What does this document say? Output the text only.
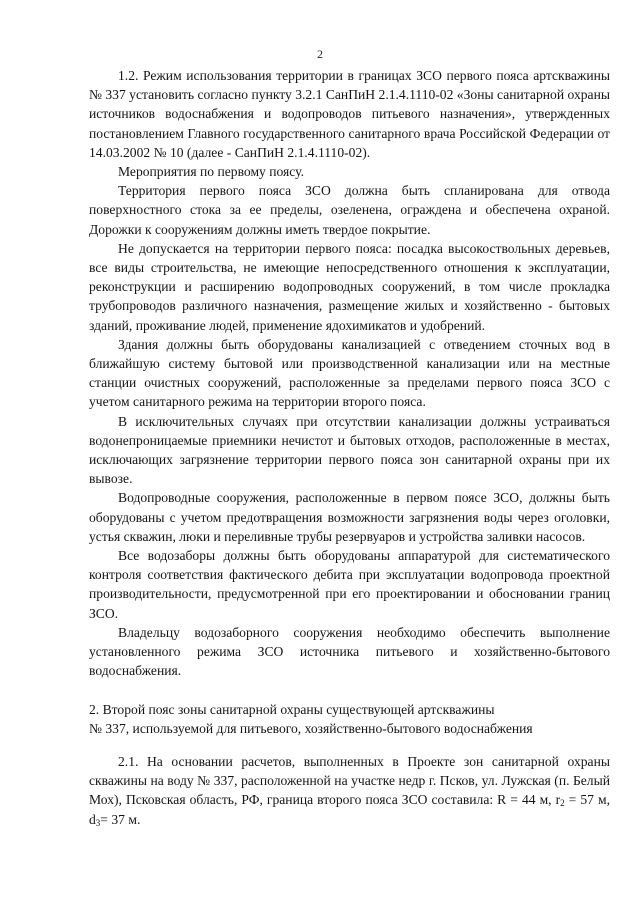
2

1.2. Режим использования территории в границах ЗСО первого пояса артскважины № 337 установить согласно пункту 3.2.1 СанПиН 2.1.4.1110-02 «Зоны санитарной охраны источников водоснабжения и водопроводов питьевого назначения», утвержденных постановлением Главного государственного санитарного врача Российской Федерации от 14.03.2002 № 10 (далее - СанПиН 2.1.4.1110-02).

Мероприятия по первому поясу.

Территория первого пояса ЗСО должна быть спланирована для отвода поверхностного стока за ее пределы, озеленена, ограждена и обеспечена охраной. Дорожки к сооружениям должны иметь твердое покрытие.

Не допускается на территории первого пояса: посадка высокоствольных деревьев, все виды строительства, не имеющие непосредственного отношения к эксплуатации, реконструкции и расширению водопроводных сооружений, в том числе прокладка трубопроводов различного назначения, размещение жилых и хозяйственно - бытовых зданий, проживание людей, применение ядохимикатов и удобрений.

Здания должны быть оборудованы канализацией с отведением сточных вод в ближайшую систему бытовой или производственной канализации или на местные станции очистных сооружений, расположенные за пределами первого пояса ЗСО с учетом санитарного режима на территории второго пояса.

В исключительных случаях при отсутствии канализации должны устраиваться водонепроницаемые приемники нечистот и бытовых отходов, расположенные в местах, исключающих загрязнение территории первого пояса зон санитарной охраны при их вывозе.

Водопроводные сооружения, расположенные в первом поясе ЗСО, должны быть оборудованы с учетом предотвращения возможности загрязнения воды через оголовки, устья скважин, люки и переливные трубы резервуаров и устройства заливки насосов.

Все водозаборы должны быть оборудованы аппаратурой для систематического контроля соответствия фактического дебита при эксплуатации водопровода проектной производительности, предусмотренной при его проектировании и обосновании границ ЗСО.

Владельцу водозаборного сооружения необходимо обеспечить выполнение установленного режима ЗСО источника питьевого и хозяйственно-бытового водоснабжения.

2. Второй пояс зоны санитарной охраны существующей артскважины

№ 337, используемой для питьевого, хозяйственно-бытового водоснабжения

2.1. На основании расчетов, выполненных в Проекте зон санитарной охраны скважины на воду № 337, расположенной на участке недр г. Псков, ул. Лужская (п. Белый Мох), Псковская область, РФ, граница второго пояса ЗСО составила: R = 44 м, $r_2 = 57$ м, $d_3= 37$ м.
